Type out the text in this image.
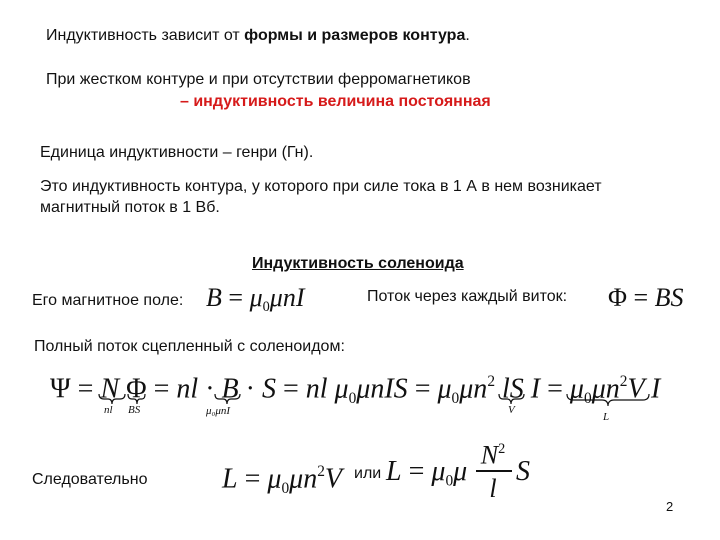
Индуктивность зависит от формы и размеров контура.
При жестком контуре и при отсутствии ферромагнетиков
– индуктивность величина постоянная
Единица индуктивности – генри (Гн).
Это индуктивность контура, у которого при силе тока в 1 А в нем возникает
магнитный поток в 1 Вб.
Индуктивность соленоида
Его магнитное поле: $B = \mu_0\mu nI$	Поток через каждый виток: Φ = BS
Полный поток сцепленный с соленоидом:
Ψ = N Φ = nl · B · S = nl $\mu_0\mu nIS = \mu_0\mu n^2$ lS $I = \mu_0\mu n^2V$ I
nl BS	μ₀μnI	V
L
Следовательно	$L = \mu_0\mu n^2V$ или $L = \mu_0\mu$
$N^2$
l
S
2
